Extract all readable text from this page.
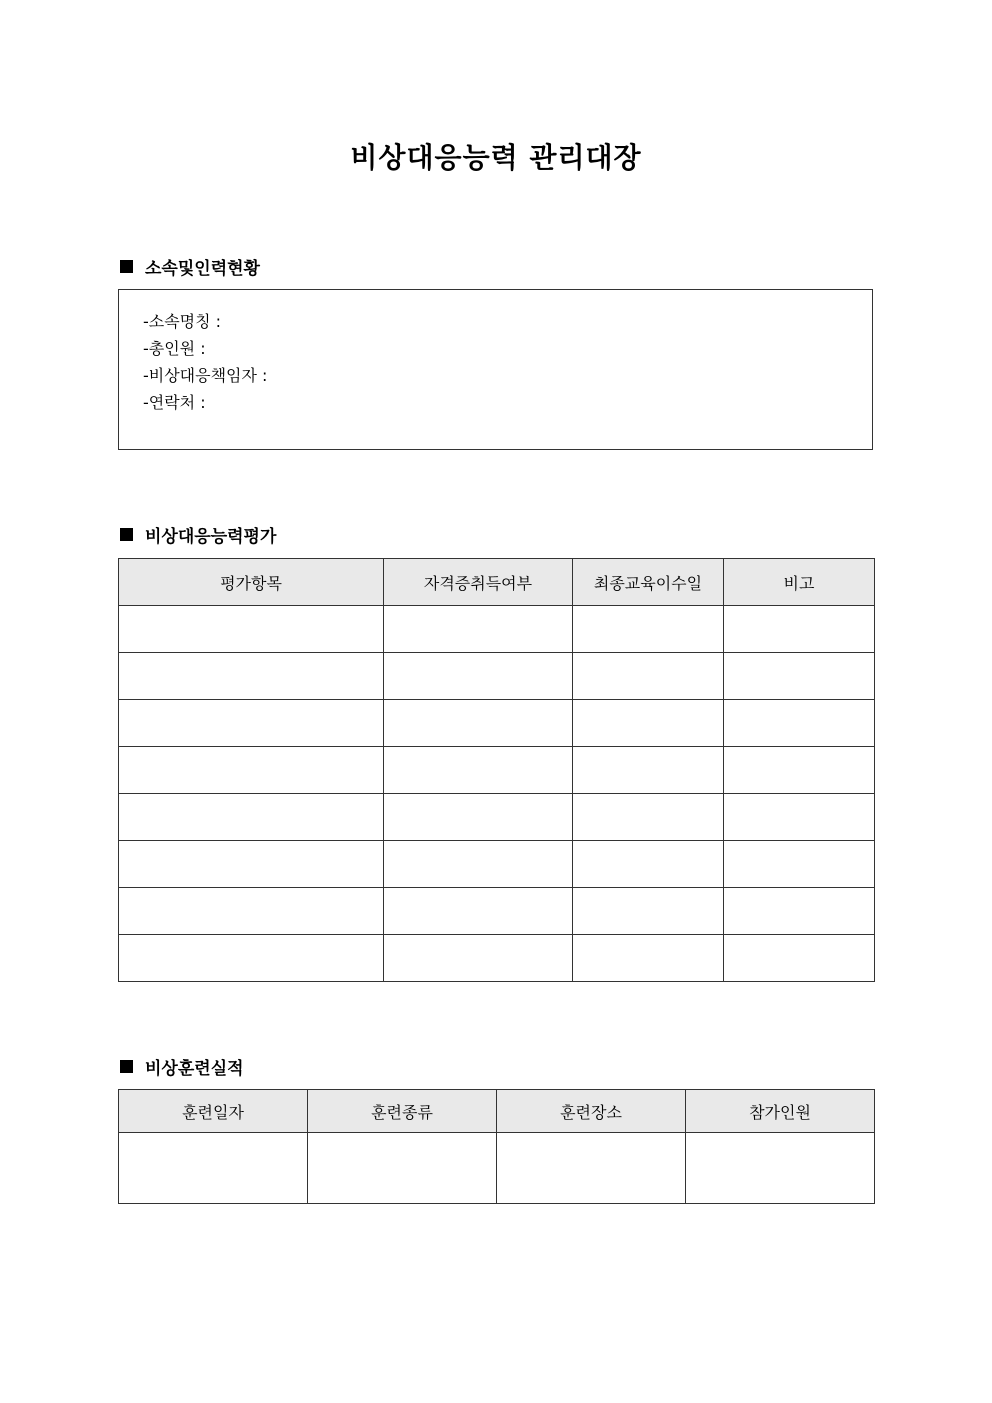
비상대응능력 관리대장
소속및인력현황
-소속명칭 :
-총인원 :
-비상대응책임자 :
-연락처 :
비상대응능력평가
평가항목	자격증취득여부	최종교육이수일	비고

비상훈련실적
훈련일자	훈련종류	훈련장소	참가인원
